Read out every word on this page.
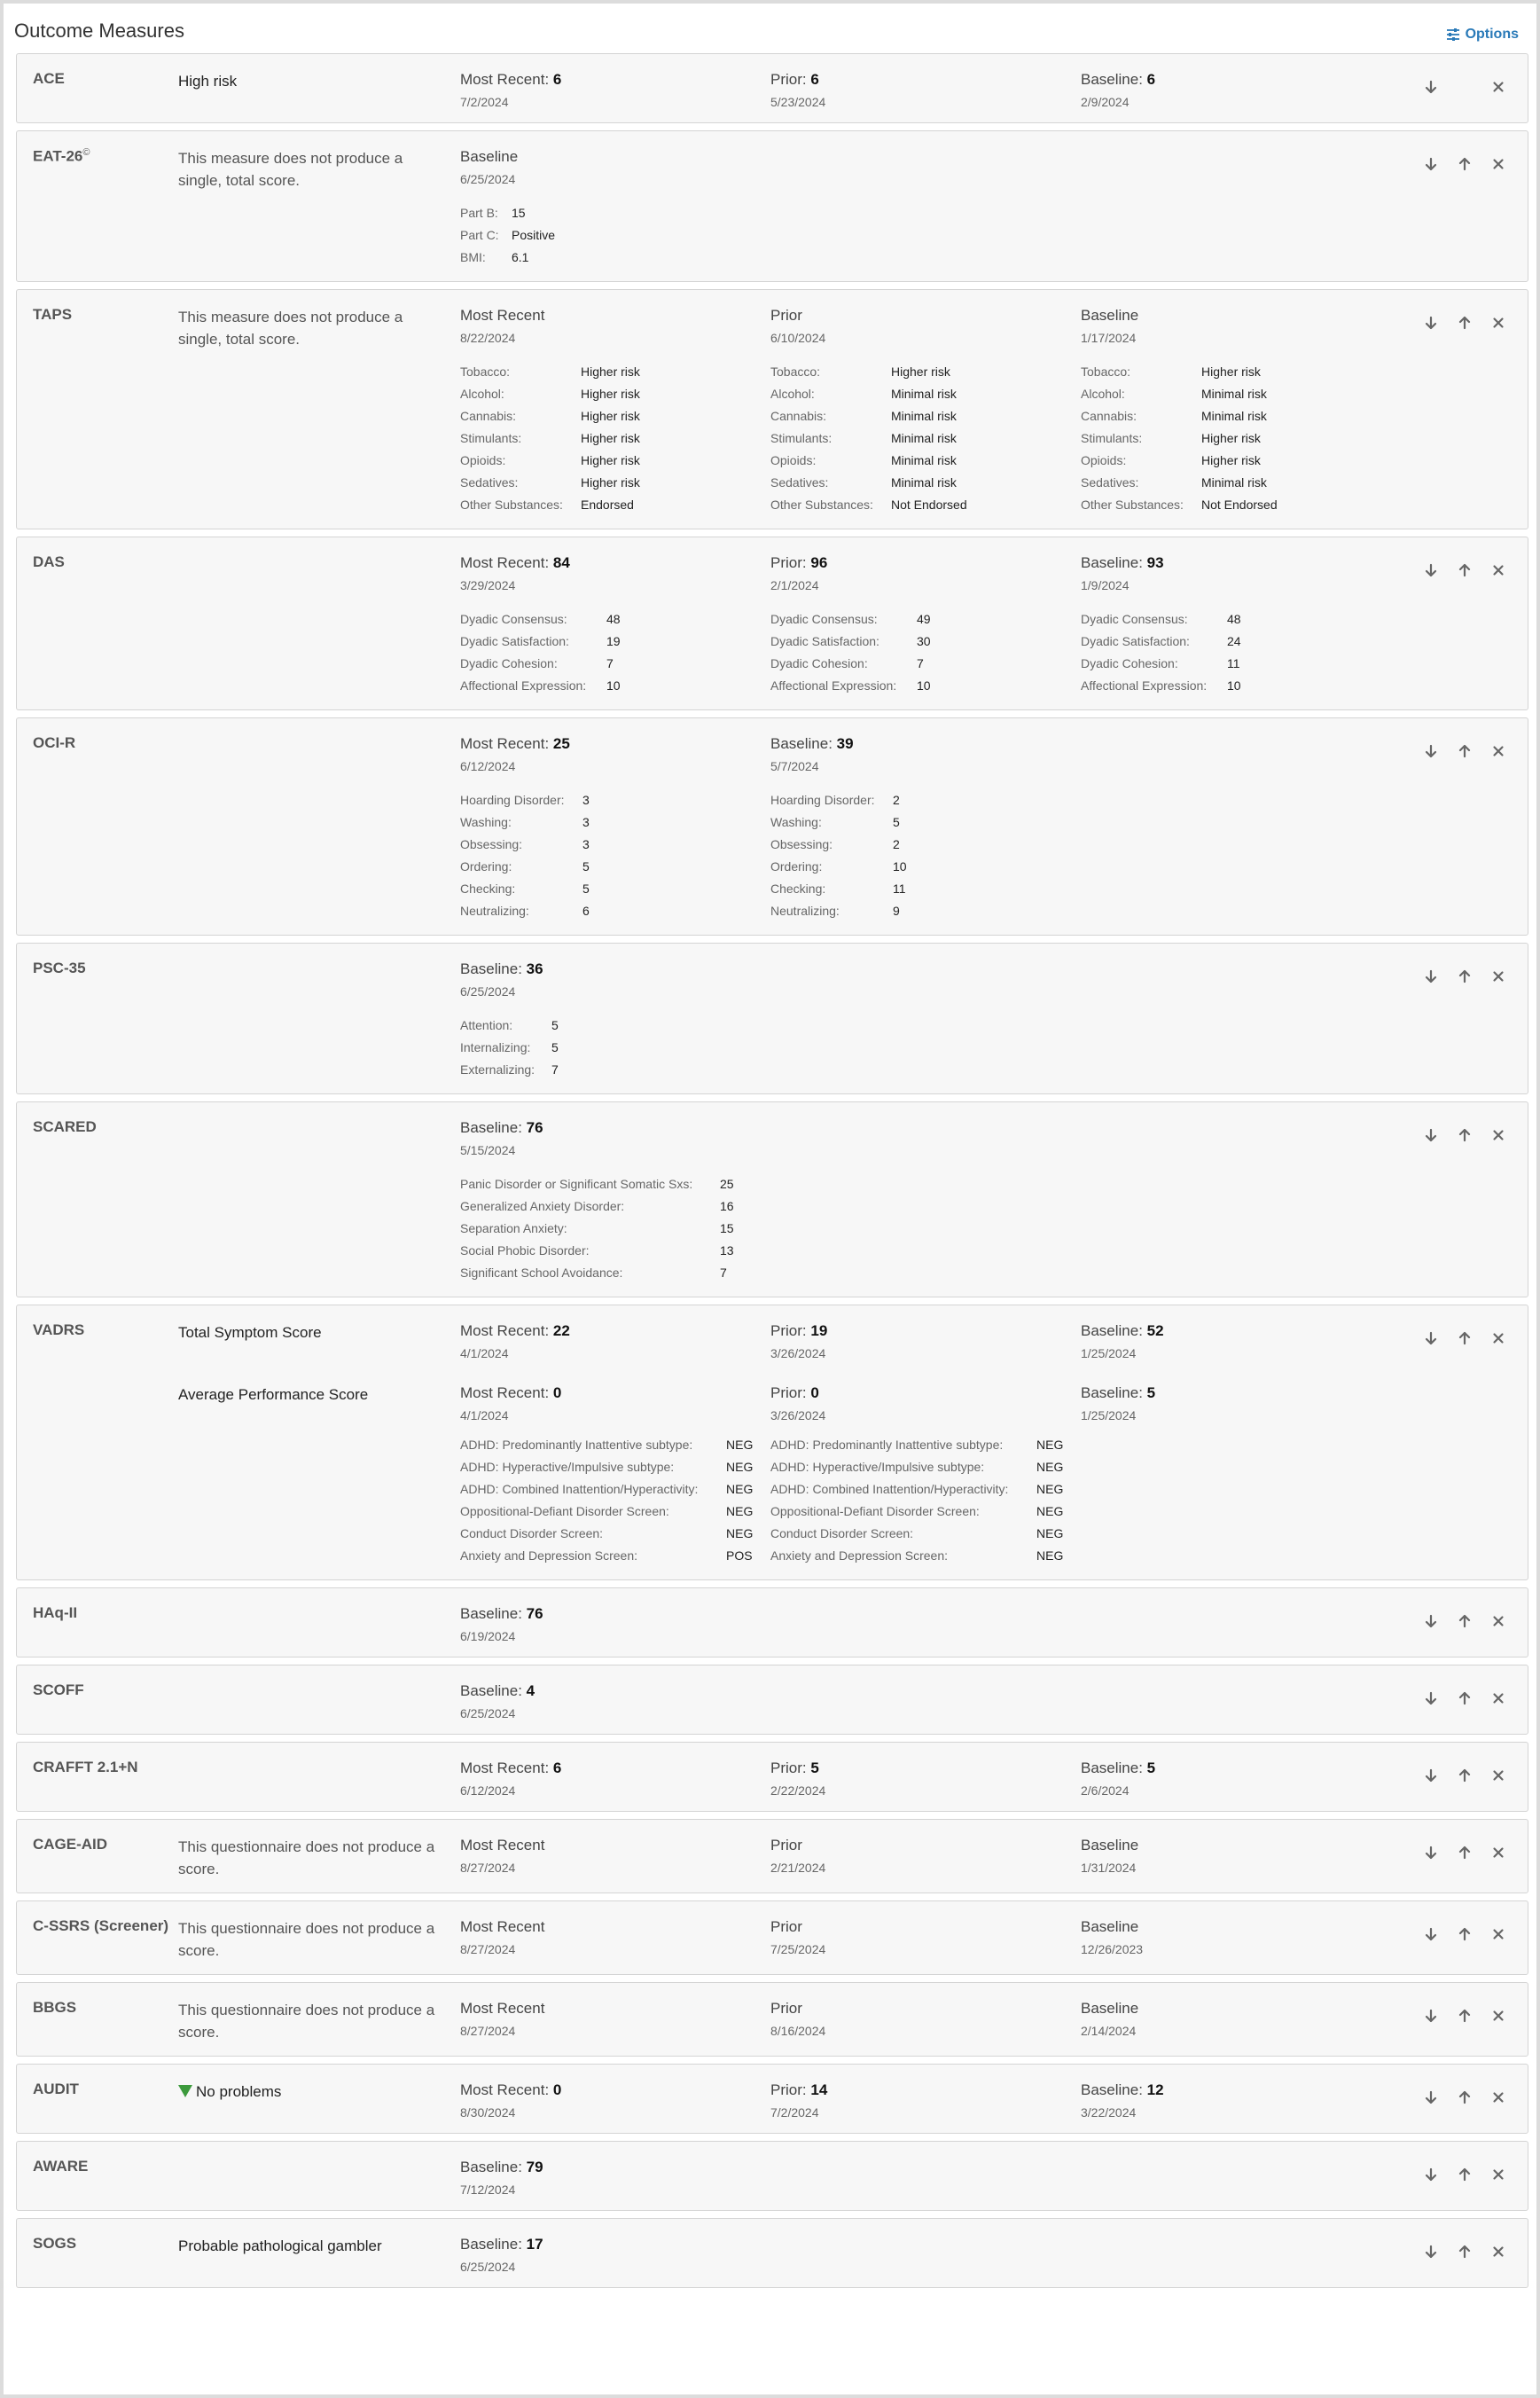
Outcome Measures	Options
ACE	High risk	Most Recent: 6
7/2/2024
Prior: 6
5/23/2024
Baseline: 6
2/9/2024
EAT-26©	This measure does not produce a single, total score.
Baseline
6/25/2024
Part B:	15
Part C:	Positive
BMI:	6.1
TAPS	This measure does not produce a single, total score.
Most Recent
8/22/2024
Tobacco:	Higher risk
Alcohol:	Higher risk
Cannabis:	Higher risk
Stimulants:	Higher risk
Opioids:	Higher risk
Sedatives:	Higher risk
Other Substances:	Endorsed
Prior
6/10/2024
Tobacco:	Higher risk
Alcohol:	Minimal risk
Cannabis:	Minimal risk
Stimulants:	Minimal risk
Opioids:	Minimal risk
Sedatives:	Minimal risk
Other Substances:	Not Endorsed
Baseline
1/17/2024
Tobacco:	Higher risk
Alcohol:	Minimal risk
Cannabis:	Minimal risk
Stimulants:	Higher risk
Opioids:	Higher risk
Sedatives:	Minimal risk
Other Substances:	Not Endorsed
DAS	Most Recent: 84
3/29/2024
Dyadic Consensus:	48
Dyadic Satisfaction:	19
Dyadic Cohesion:	7
Affectional Expression:	10
Prior: 96
2/1/2024
Dyadic Consensus:	49
Dyadic Satisfaction:	30
Dyadic Cohesion:	7
Affectional Expression:	10
Baseline: 93
1/9/2024
Dyadic Consensus:	48
Dyadic Satisfaction:	24
Dyadic Cohesion:	11
Affectional Expression:	10
OCI-R	Most Recent: 25
6/12/2024
Hoarding Disorder:	3
Washing:	3
Obsessing:	3
Ordering:	5
Checking:	5
Neutralizing:	6
Baseline: 39
5/7/2024
Hoarding Disorder:	2
Washing:	5
Obsessing:	2
Ordering:	10
Checking:	11
Neutralizing:	9
PSC-35	Baseline: 36
6/25/2024
Attention:	5
Internalizing:	5
Externalizing:	7
SCARED	Baseline: 76
5/15/2024
Panic Disorder or Significant Somatic Sxs:	25
Generalized Anxiety Disorder:	16
Separation Anxiety:	15
Social Phobic Disorder:	13
Significant School Avoidance:	7
VADRS	Total Symptom Score	Most Recent: 22
4/1/2024
Prior: 19
3/26/2024
Baseline: 52
1/25/2024
Average Performance Score	Most Recent: 0
4/1/2024
Prior: 0
3/26/2024
Baseline: 5
1/25/2024
ADHD: Predominantly Inattentive subtype:	NEG
ADHD: Hyperactive/Impulsive subtype:	NEG
ADHD: Combined Inattention/Hyperactivity:	NEG
Oppositional-Defiant Disorder Screen:	NEG
Conduct Disorder Screen:	NEG
Anxiety and Depression Screen:	POS
ADHD: Predominantly Inattentive subtype:	NEG
ADHD: Hyperactive/Impulsive subtype:	NEG
ADHD: Combined Inattention/Hyperactivity:	NEG
Oppositional-Defiant Disorder Screen:	NEG
Conduct Disorder Screen:	NEG
Anxiety and Depression Screen:	NEG
HAq-II	Baseline: 76
6/19/2024
SCOFF	Baseline: 4
6/25/2024
CRAFFT 2.1+N	Most Recent: 6
6/12/2024
Prior: 5
2/22/2024
Baseline: 5
2/6/2024
CAGE-AID	This questionnaire does not produce a score.
Most Recent
8/27/2024
Prior
2/21/2024
Baseline
1/31/2024
C-SSRS (Screener) This questionnaire does not produce a score.
Most Recent
8/27/2024
Prior
7/25/2024
Baseline
12/26/2023
BBGS	This questionnaire does not produce a score.
Most Recent
8/27/2024
Prior
8/16/2024
Baseline
2/14/2024
AUDIT	No problems	Most Recent: 0
8/30/2024
Prior: 14
7/2/2024
Baseline: 12
3/22/2024
AWARE	Baseline: 79
7/12/2024
SOGS	Probable pathological gambler	Baseline: 17
6/25/2024
